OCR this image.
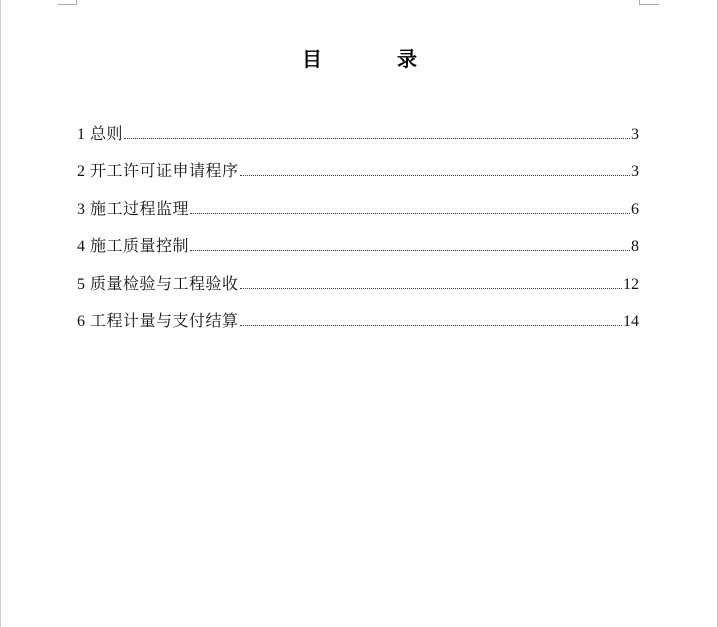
目	录
1 总则	3
2 开工许可证申请程序	3
3 施工过程监理	6
4 施工质量控制	8
5 质量检验与工程验收	12
6 工程计量与支付结算	14
